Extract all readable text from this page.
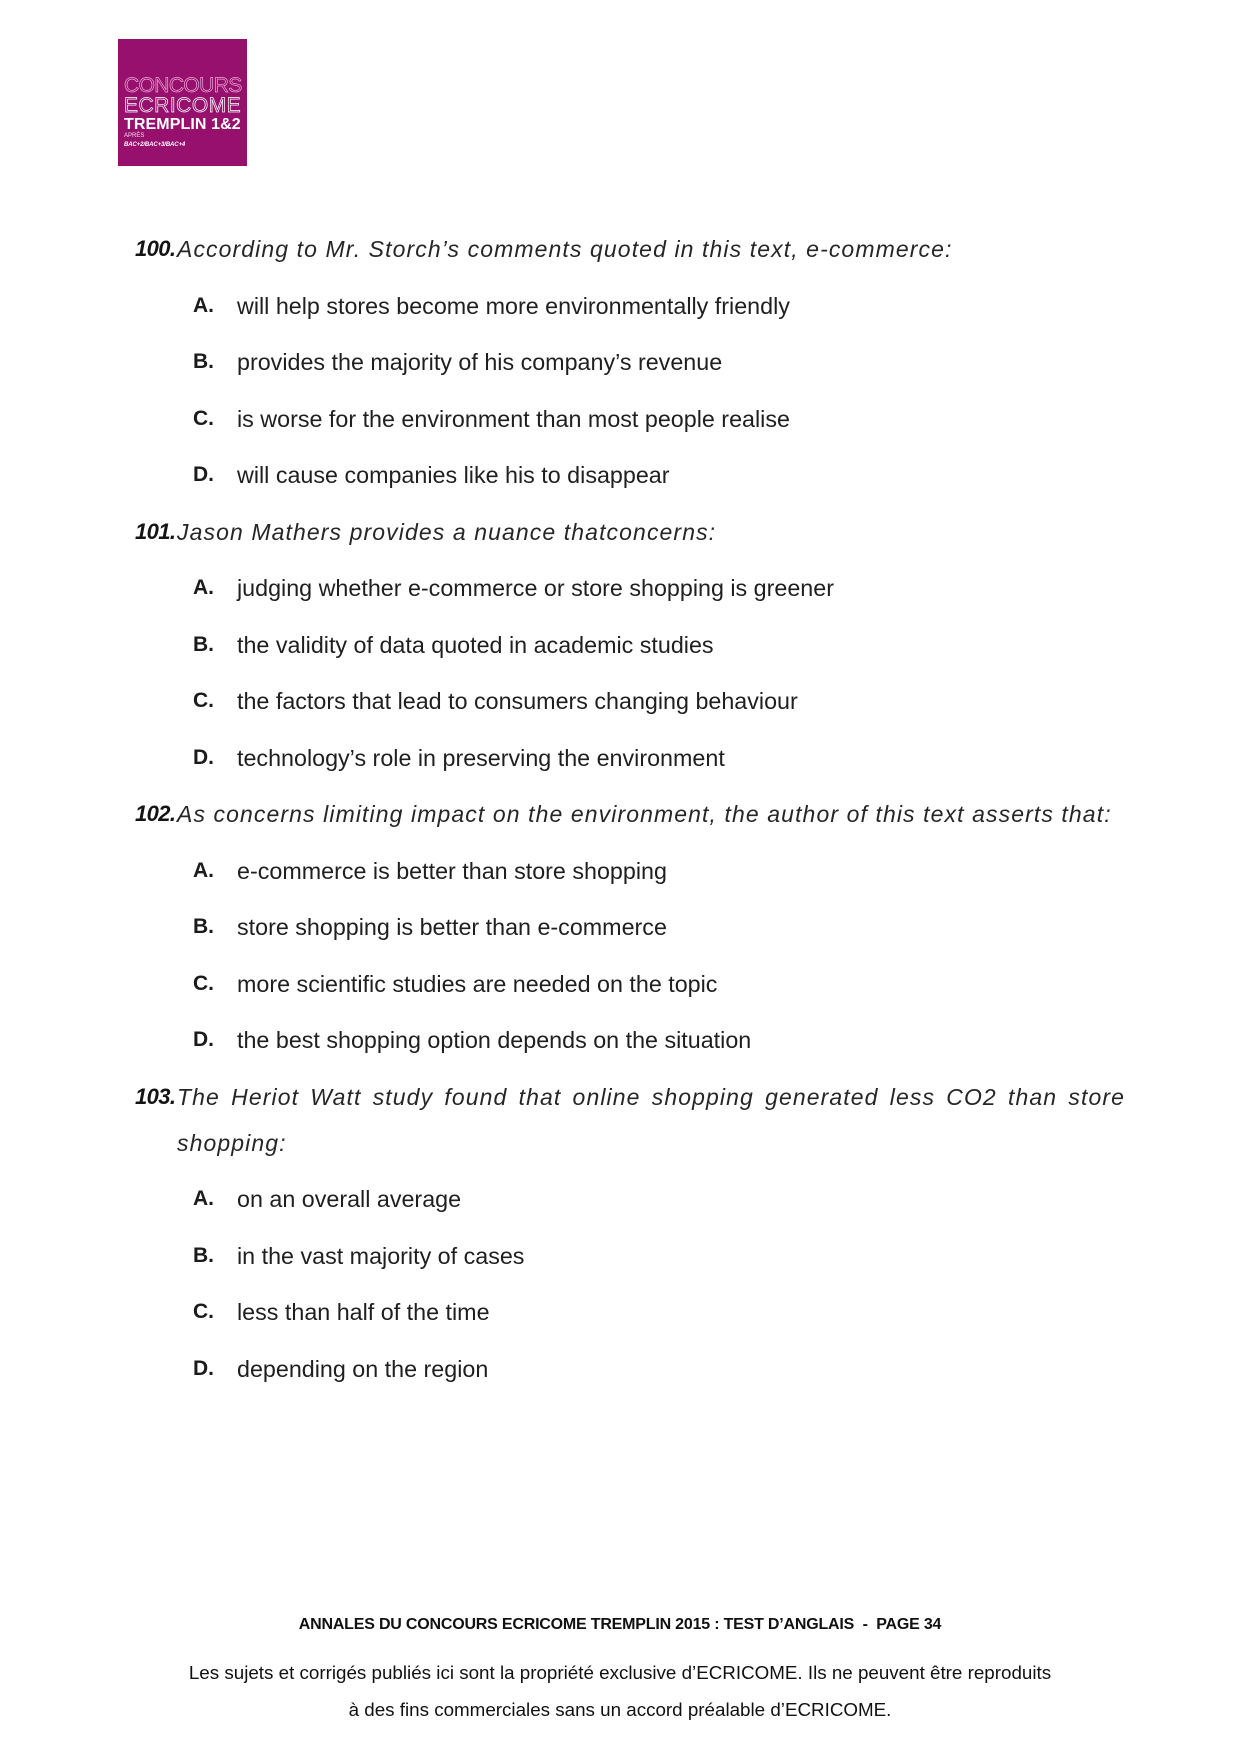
CONCOURS
ECRICOME
TREMPLIN 1&2
APRÈS
BAC+2/BAC+3/BAC+4
100. According to Mr. Storch’s comments quoted in this text, e-commerce:
A. will help stores become more environmentally friendly
B. provides the majority of his company’s revenue
C. is worse for the environment than most people realise
D. will cause companies like his to disappear
101. Jason Mathers provides a nuance thatconcerns:
A. judging whether e-commerce or store shopping is greener
B. the validity of data quoted in academic studies
C. the factors that lead to consumers changing behaviour
D. technology’s role in preserving the environment
102. As concerns limiting impact on the environment, the author of this text asserts that:
A. e-commerce is better than store shopping
B. store shopping is better than e-commerce
C. more scientific studies are needed on the topic
D. the best shopping option depends on the situation
103. The Heriot Watt study found that online shopping generated less CO2 than store shopping:
A. on an overall average
B. in the vast majority of cases
C. less than half of the time
D. depending on the region
ANNALES DU CONCOURS ECRICOME TREMPLIN 2015 : TEST D’ANGLAIS  -  PAGE 34
Les sujets et corrigés publiés ici sont la propriété exclusive d’ECRICOME. Ils ne peuvent être reproduits
à des fins commerciales sans un accord préalable d’ECRICOME.
